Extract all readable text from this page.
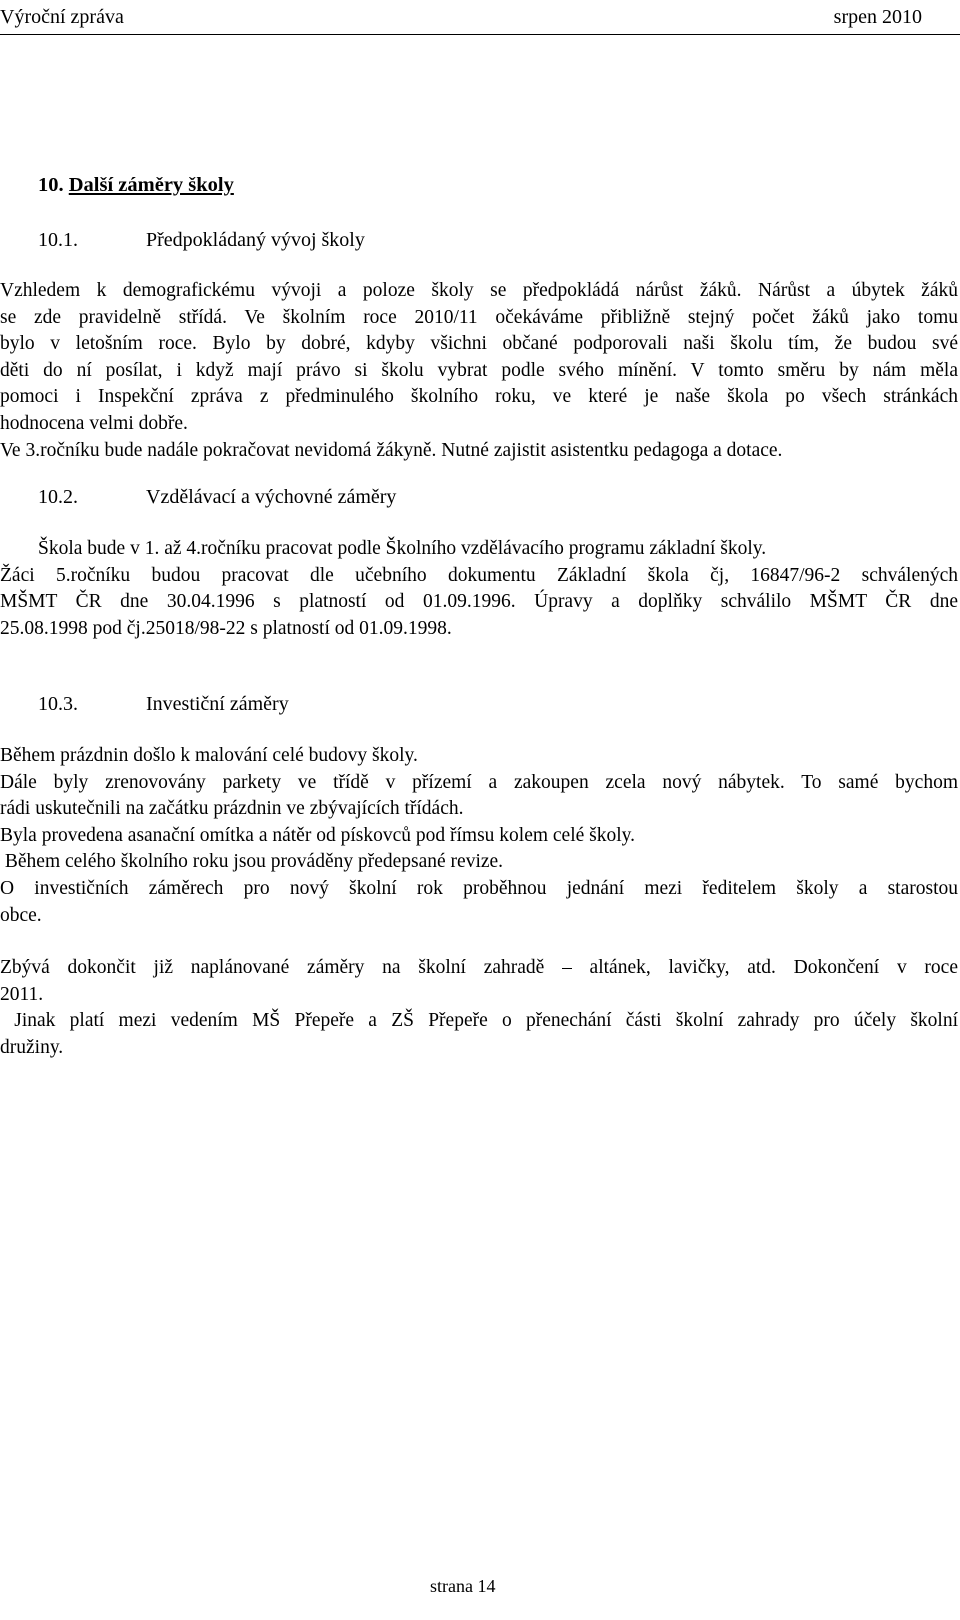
Výroční zpráva	srpen 2010
10. Další záměry školy
10.1.	Předpokládaný vývoj školy
Vzhledem k demografickému vývoji a poloze školy se předpokládá nárůst žáků. Nárůst a úbytek žáků
se zde pravidelně střídá. Ve školním roce 2010/11 očekáváme přibližně stejný počet žáků jako tomu
bylo v letošním roce. Bylo by dobré, kdyby všichni občané podporovali naši školu tím, že budou své
děti do ní posílat, i když mají právo si školu vybrat podle svého mínění. V tomto směru by nám měla
pomoci i Inspekční zpráva z předminulého školního roku, ve které je naše škola po všech stránkách
hodnocena velmi dobře.
Ve 3.ročníku bude nadále pokračovat nevidomá žákyně. Nutné zajistit asistentku pedagoga a dotace.
10.2.	Vzdělávací a výchovné záměry
Škola bude v 1. až 4.ročníku pracovat podle Školního vzdělávacího programu základní školy.
Žáci 5.ročníku budou pracovat dle učebního dokumentu Základní škola čj, 16847/96-2 schválených
MŠMT ČR dne 30.04.1996 s platností od 01.09.1996. Úpravy a doplňky schválilo MŠMT ČR dne
25.08.1998 pod čj.25018/98-22 s platností od 01.09.1998.
10.3.	Investiční záměry
Během prázdnin došlo k malování celé budovy školy.
Dále byly zrenovovány parkety ve třídě v přízemí a zakoupen zcela nový nábytek. To samé bychom
rádi uskutečnili na začátku prázdnin ve zbývajících třídách.
Byla provedena asanační omítka a nátěr od pískovců pod římsu kolem celé školy.
Během celého školního roku jsou prováděny předepsané revize.
O investičních záměrech pro nový školní rok proběhnou jednání mezi ředitelem školy a starostou
obce.
Zbývá dokončit již naplánované záměry na školní zahradě – altánek, lavičky, atd. Dokončení v roce
2011.
Jinak platí mezi vedením MŠ Přepeře a ZŠ Přepeře o přenechání části školní zahrady pro účely školní
družiny.
strana 14
